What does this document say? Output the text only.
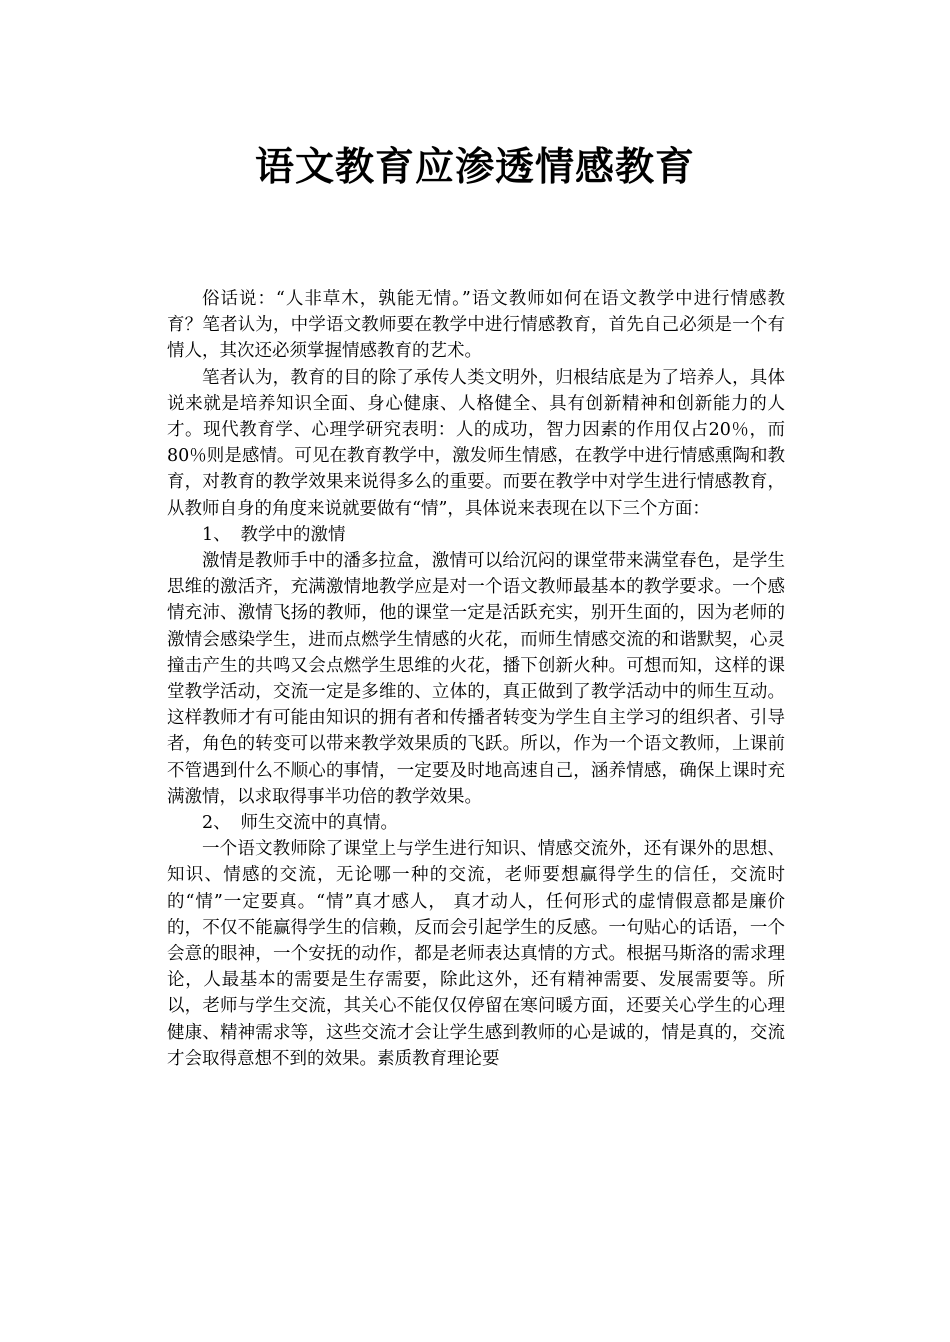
语文教育应渗透情感教育

俗话说：“人非草木，孰能无情。”语文教师如何在语文教学中进行情感教育？笔者认为，中学语文教师要在教学中进行情感教育，首先自己必须是一个有情人，其次还必须掌握情感教育的艺术。

笔者认为，教育的目的除了承传人类文明外，归根结底是为了培养人，具体说来就是培养知识全面、身心健康、人格健全、具有创新精神和创新能力的人才。现代教育学、心理学研究表明：人的成功，智力因素的作用仅占20％，而80％则是感情。可见在教育教学中，激发师生情感，在教学中进行情感熏陶和教育，对教育的教学效果来说得多么的重要。而要在教学中对学生进行情感教育，从教师自身的角度来说就要做有“情”，具体说来表现在以下三个方面：

1、 教学中的激情

激情是教师手中的潘多拉盒，激情可以给沉闷的课堂带来满堂春色，是学生思维的激活齐，充满激情地教学应是对一个语文教师最基本的教学要求。一个感情充沛、激情飞扬的教师，他的课堂一定是活跃充实，别开生面的，因为老师的激情会感染学生，进而点燃学生情感的火花，而师生情感交流的和谐默契，心灵撞击产生的共鸣又会点燃学生思维的火花，播下创新火种。可想而知，这样的课堂教学活动，交流一定是多维的、立体的，真正做到了教学活动中的师生互动。这样教师才有可能由知识的拥有者和传播者转变为学生自主学习的组织者、引导者，角色的转变可以带来教学效果质的飞跃。所以，作为一个语文教师，上课前不管遇到什么不顺心的事情，一定要及时地高速自己，涵养情感，确保上课时充满激情，以求取得事半功倍的教学效果。

2、 师生交流中的真情。

一个语文教师除了课堂上与学生进行知识、情感交流外，还有课外的思想、知识、情感的交流，无论哪一种的交流，老师要想赢得学生的信任，交流时的“情”一定要真。“情”真才感人， 真才动人，任何形式的虚情假意都是廉价的，不仅不能赢得学生的信赖，反而会引起学生的反感。一句贴心的话语，一个会意的眼神，一个安抚的动作，都是老师表达真情的方式。根据马斯洛的需求理论，人最基本的需要是生存需要，除此这外，还有精神需要、发展需要等。所以，老师与学生交流，其关心不能仅仅停留在寒问暖方面，还要关心学生的心理健康、精神需求等，这些交流才会让学生感到教师的心是诚的，情是真的，交流才会取得意想不到的效果。素质教育理论要
